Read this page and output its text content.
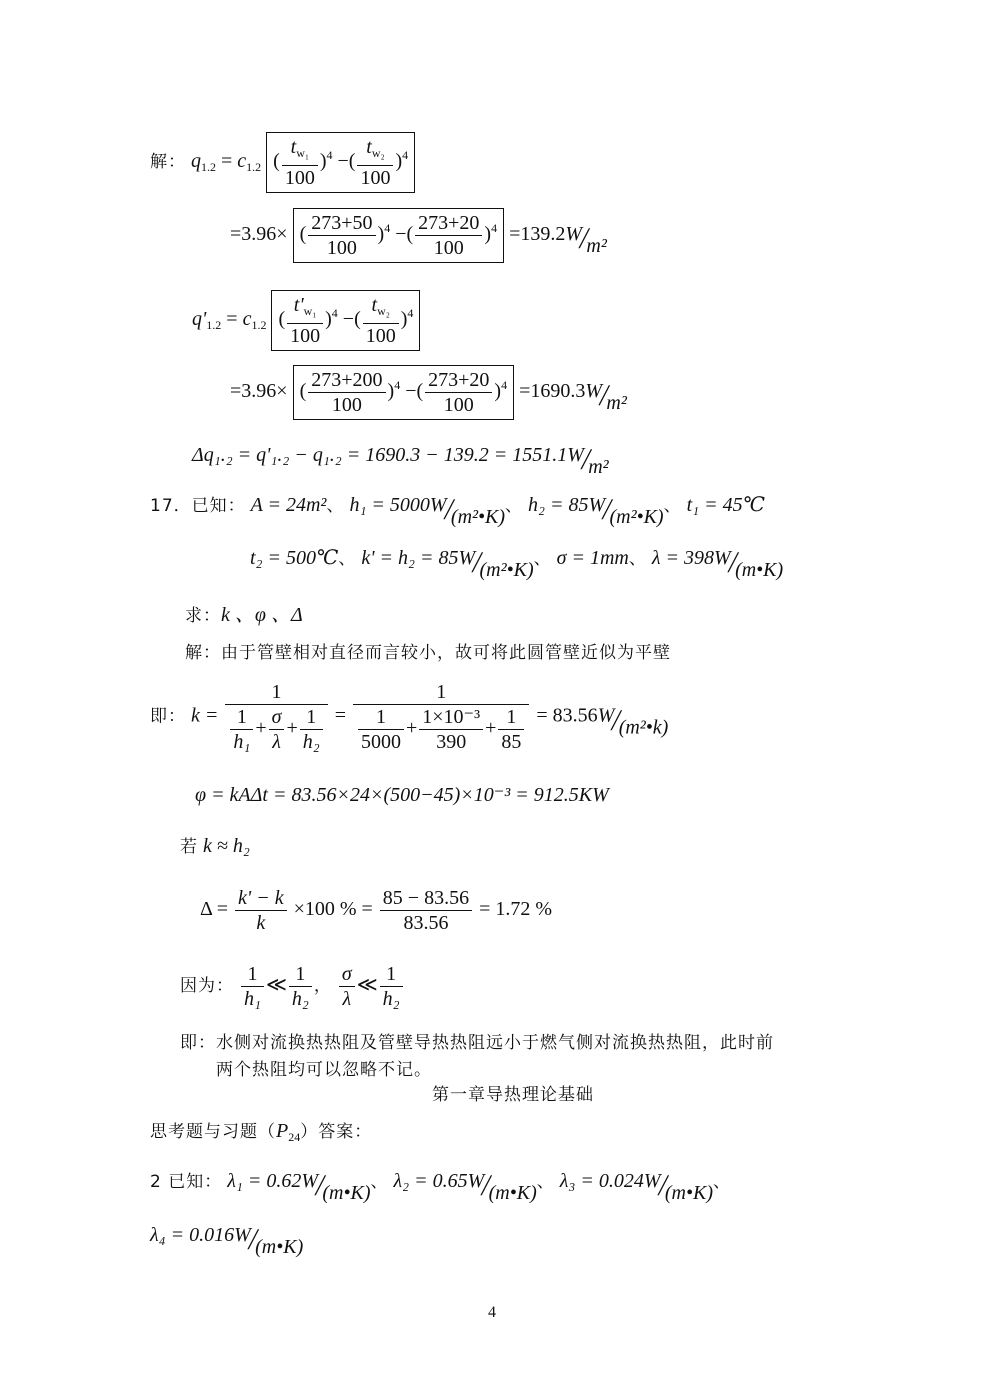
解： $q_{1.2} = c_{1.2}$ ( $\frac{t_{w_1}}{100} )^4$ −( $\frac{t_{w_2}}{100} )^4$
=3.96× ( $\frac{273+50}{100} )^4$ −( $\frac{273+20}{100} )^4 =139.2W/m^2$
$q'_{1.2} = c_{1.2}$ ( $\frac{t'_{w_1}}{100} )^4$ −( $\frac{t_{w_2}}{100} )^4$
=3.96× ( $\frac{273+200}{100} )^4$ −( $\frac{273+20}{100} )^4 =1690.3W/m^2$
Δq₁.₂ = q'₁.₂ − q₁.₂ = 1690.3 − 139.2 = 1551.1W/m²
17．已知： A = 24m²、 h₁ = 5000W/(m²•K)、 h₂ = 85W/(m²•K)、 t₁ = 45℃
t₂ = 500℃、 k' = h₂ = 85W/(m²•K)、 σ = 1mm、 λ = 398W/(m•K)
求：k 、φ 、Δ
解：由于管壁相对直径而言较小，故可将此圆管壁近似为平壁
即： $k = \frac{1}{\frac{1}{\text{h₁}} + \frac{\sigma}{\lambda} + \frac{1}{\text{h₂}}} = \frac{1}{\frac{1}{5000} + \frac{\text{1×10⁻³}}{390} + \frac{1}{85}}$ = 83.56W/(m²•k)
φ = kAΔt = 83.56×24×(500−45)×10⁻³ = 912.5KW
若 k ≈ h₂
$\Delta = \frac{k' - k}{k} \times 100$ % = $\frac{85 - 83.56}{83.56} = 1.72$ %
因为： $\frac{1}{\text{h₁}}$ ≪ $\frac{1}{\text{h₂}}$ ， $\frac{\sigma}{\lambda}$ ≪ $\frac{1}{\text{h₂}}$
即：水侧对流换热热阻及管壁导热热阻远小于燃气侧对流换热热阻，此时前
两个热阻均可以忽略不记。
第一章导热理论基础
思考题与习题$(P_{24})$答案：
2 已知： λ₁ = 0.62W/(m•K)、 λ₂ = 0.65W/(m•K)、 λ₃ = 0.024W/(m•K)、
λ₄ = 0.016W/(m•K)
4
